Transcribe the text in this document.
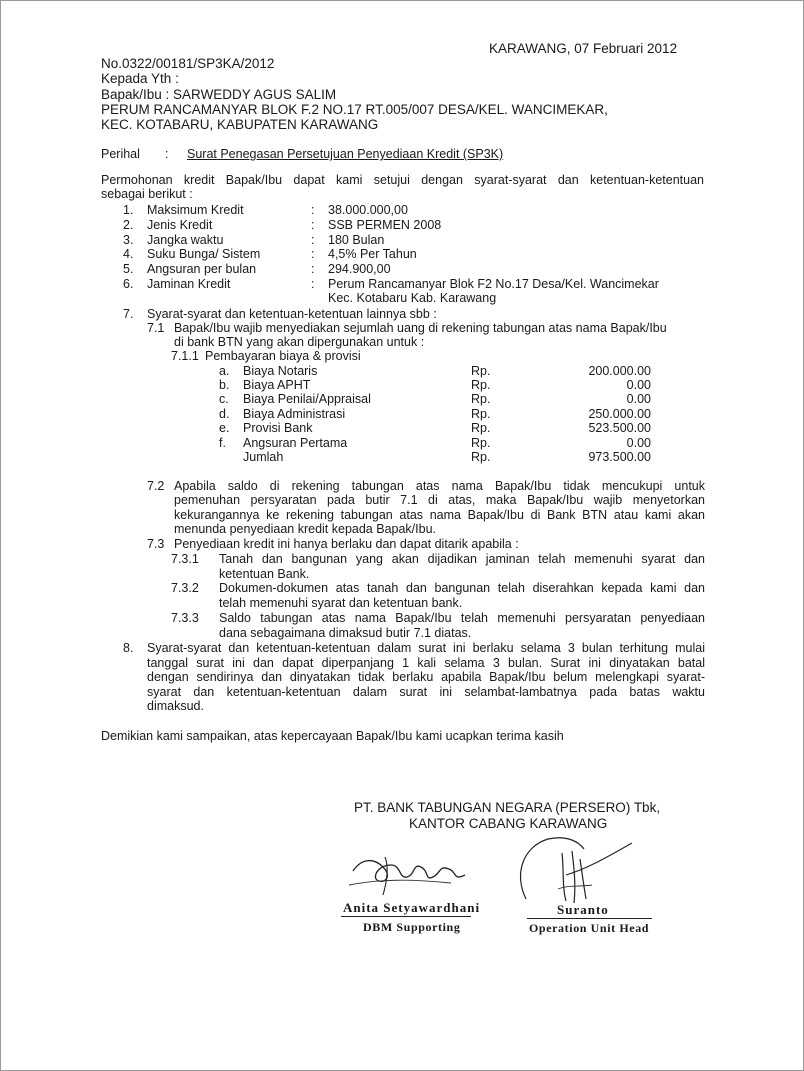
KARAWANG, 07 Februari 2012
No.0322/00181/SP3KA/2012
Kepada Yth :
Bapak/Ibu : SARWEDDY AGUS SALIM
PERUM RANCAMANYAR BLOK F.2 NO.17 RT.005/007 DESA/KEL. WANCIMEKAR,
KEC. KOTABARU, KABUPATEN KARAWANG
Perihal : Surat Penegasan Persetujuan Penyediaan Kredit (SP3K)
Permohonan kredit Bapak/Ibu dapat kami setujui dengan syarat-syarat dan ketentuan-ketentuan
sebagai berikut :
1. Maksimum Kredit	: 38.000.000,00
2. Jenis Kredit	: SSB PERMEN 2008
3. Jangka waktu	: 180 Bulan
4. Suku Bunga/ Sistem	: 4,5% Per Tahun
5. Angsuran per bulan	: 294.900,00
6. Jaminan Kredit	: Perum Rancamanyar Blok F2 No.17 Desa/Kel. Wancimekar
Kec. Kotabaru Kab. Karawang
7. Syarat-syarat dan ketentuan-ketentuan lainnya sbb :
7.1 Bapak/Ibu wajib menyediakan sejumlah uang di rekening tabungan atas nama Bapak/Ibu
di bank BTN yang akan dipergunakan untuk :
7.1.1 Pembayaran biaya & provisi
a. Biaya Notaris	Rp.	200.000.00
b. Biaya APHT	Rp.	0.00
c. Biaya Penilai/Appraisal	Rp.	0.00
d. Biaya Administrasi	Rp.	250.000.00
e. Provisi Bank	Rp.	523.500.00
f. Angsuran Pertama	Rp.	0.00
Jumlah	Rp.	973.500.00
7.2 Apabila saldo di rekening tabungan atas nama Bapak/Ibu tidak mencukupi untuk
pemenuhan persyaratan pada butir 7.1 di atas, maka Bapak/Ibu wajib menyetorkan
kekurangannya ke rekening tabungan atas nama Bapak/Ibu di Bank BTN atau kami akan
menunda penyediaan kredit kepada Bapak/Ibu.
7.3 Penyediaan kredit ini hanya berlaku dan dapat ditarik apabila :
7.3.1 Tanah dan bangunan yang akan dijadikan jaminan telah memenuhi syarat dan
ketentuan Bank.
7.3.2 Dokumen-dokumen atas tanah dan bangunan telah diserahkan kepada kami dan
telah memenuhi syarat dan ketentuan bank.
7.3.3 Saldo tabungan atas nama Bapak/Ibu telah memenuhi persyaratan penyediaan
dana sebagaimana dimaksud butir 7.1 diatas.
8. Syarat-syarat dan ketentuan-ketentuan dalam surat ini berlaku selama 3 bulan terhitung mulai
tanggal surat ini dan dapat diperpanjang 1 kali selama 3 bulan. Surat ini dinyatakan batal
dengan sendirinya dan dinyatakan tidak berlaku apabila Bapak/Ibu belum melengkapi syarat-
syarat dan ketentuan-ketentuan dalam surat ini selambat-lambatnya pada batas waktu
dimaksud.
Demikian kami sampaikan, atas kepercayaan Bapak/Ibu kami ucapkan terima kasih
PT. BANK TABUNGAN NEGARA (PERSERO) Tbk,
KANTOR CABANG KARAWANG
Anita Setyawardhani
DBM Supporting
Suranto
Operation Unit Head
